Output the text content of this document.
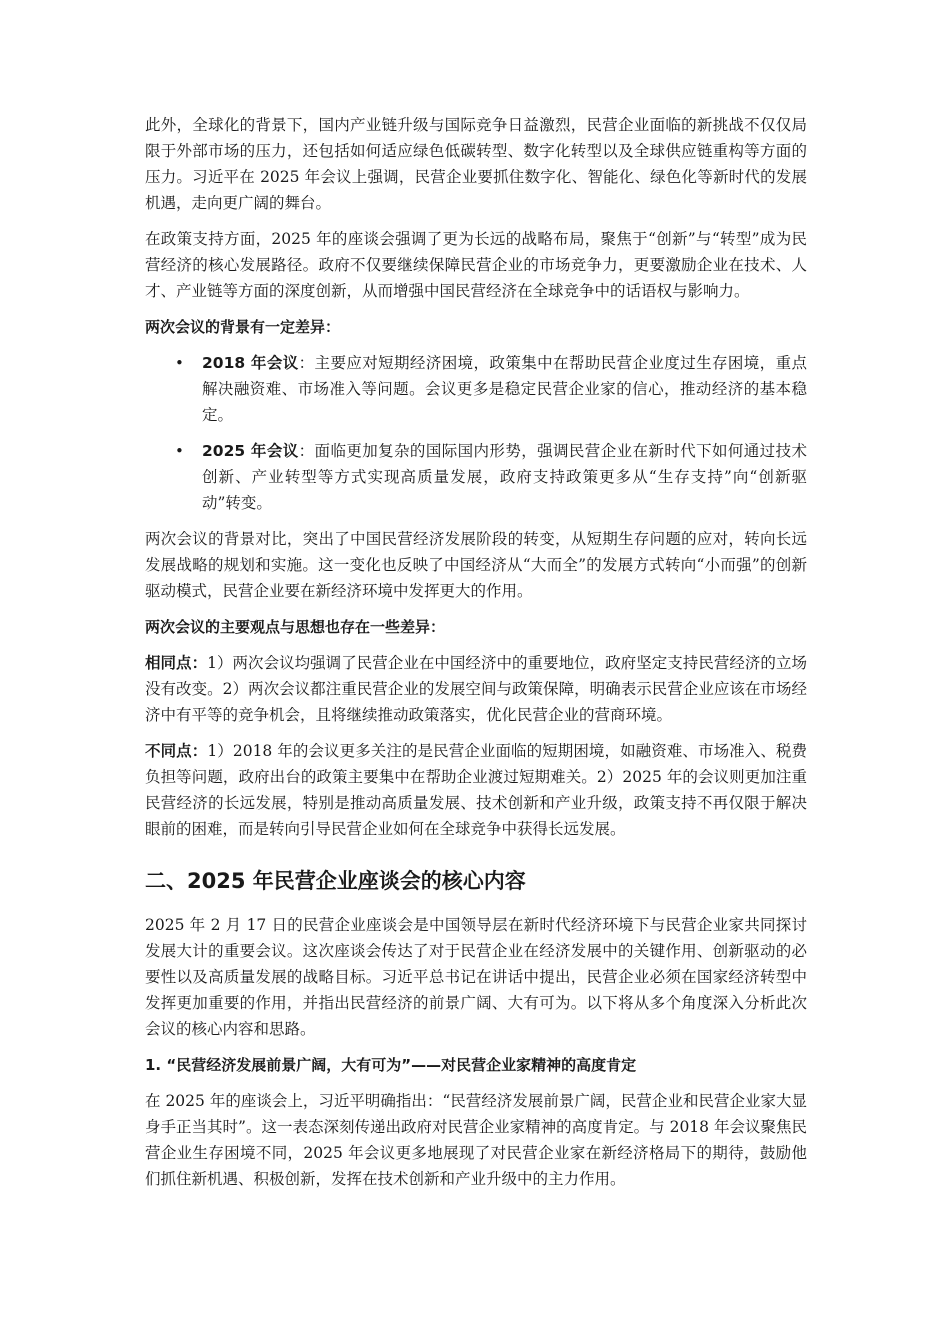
此外，全球化的背景下，国内产业链升级与国际竞争日益激烈，民营企业面临的新挑战不仅仅局限于外部市场的压力，还包括如何适应绿色低碳转型、数字化转型以及全球供应链重构等方面的压力。习近平在 2025 年会议上强调，民营企业要抓住数字化、智能化、绿色化等新时代的发展机遇，走向更广阔的舞台。

在政策支持方面，2025 年的座谈会强调了更为长远的战略布局，聚焦于“创新”与“转型”成为民营经济的核心发展路径。政府不仅要继续保障民营企业的市场竞争力，更要激励企业在技术、人才、产业链等方面的深度创新，从而增强中国民营经济在全球竞争中的话语权与影响力。

两次会议的背景有一定差异：

• 2018 年会议：主要应对短期经济困境，政策集中在帮助民营企业度过生存困境，重点解决融资难、市场准入等问题。会议更多是稳定民营企业家的信心，推动经济的基本稳定。
• 2025 年会议：面临更加复杂的国际国内形势，强调民营企业在新时代下如何通过技术创新、产业转型等方式实现高质量发展，政府支持政策更多从“生存支持”向“创新驱动”转变。

两次会议的背景对比，突出了中国民营经济发展阶段的转变，从短期生存问题的应对，转向长远发展战略的规划和实施。这一变化也反映了中国经济从“大而全”的发展方式转向“小而强”的创新驱动模式，民营企业要在新经济环境中发挥更大的作用。

两次会议的主要观点与思想也存在一些差异：

相同点：1）两次会议均强调了民营企业在中国经济中的重要地位，政府坚定支持民营经济的立场没有改变。2）两次会议都注重民营企业的发展空间与政策保障，明确表示民营企业应该在市场经济中有平等的竞争机会，且将继续推动政策落实，优化民营企业的营商环境。

不同点：1）2018 年的会议更多关注的是民营企业面临的短期困境，如融资难、市场准入、税费负担等问题，政府出台的政策主要集中在帮助企业渡过短期难关。2）2025 年的会议则更加注重民营经济的长远发展，特别是推动高质量发展、技术创新和产业升级，政策支持不再仅限于解决眼前的困难，而是转向引导民营企业如何在全球竞争中获得长远发展。

二、2025 年民营企业座谈会的核心内容

2025 年 2 月 17 日的民营企业座谈会是中国领导层在新时代经济环境下与民营企业家共同探讨发展大计的重要会议。这次座谈会传达了对于民营企业在经济发展中的关键作用、创新驱动的必要性以及高质量发展的战略目标。习近平总书记在讲话中提出，民营企业必须在国家经济转型中发挥更加重要的作用，并指出民营经济的前景广阔、大有可为。以下将从多个角度深入分析此次会议的核心内容和思路。

1. “民营经济发展前景广阔，大有可为”——对民营企业家精神的高度肯定

在 2025 年的座谈会上，习近平明确指出：“民营经济发展前景广阔，民营企业和民营企业家大显身手正当其时”。这一表态深刻传递出政府对民营企业家精神的高度肯定。与 2018 年会议聚焦民营企业生存困境不同，2025 年会议更多地展现了对民营企业家在新经济格局下的期待，鼓励他们抓住新机遇、积极创新，发挥在技术创新和产业升级中的主力作用。
